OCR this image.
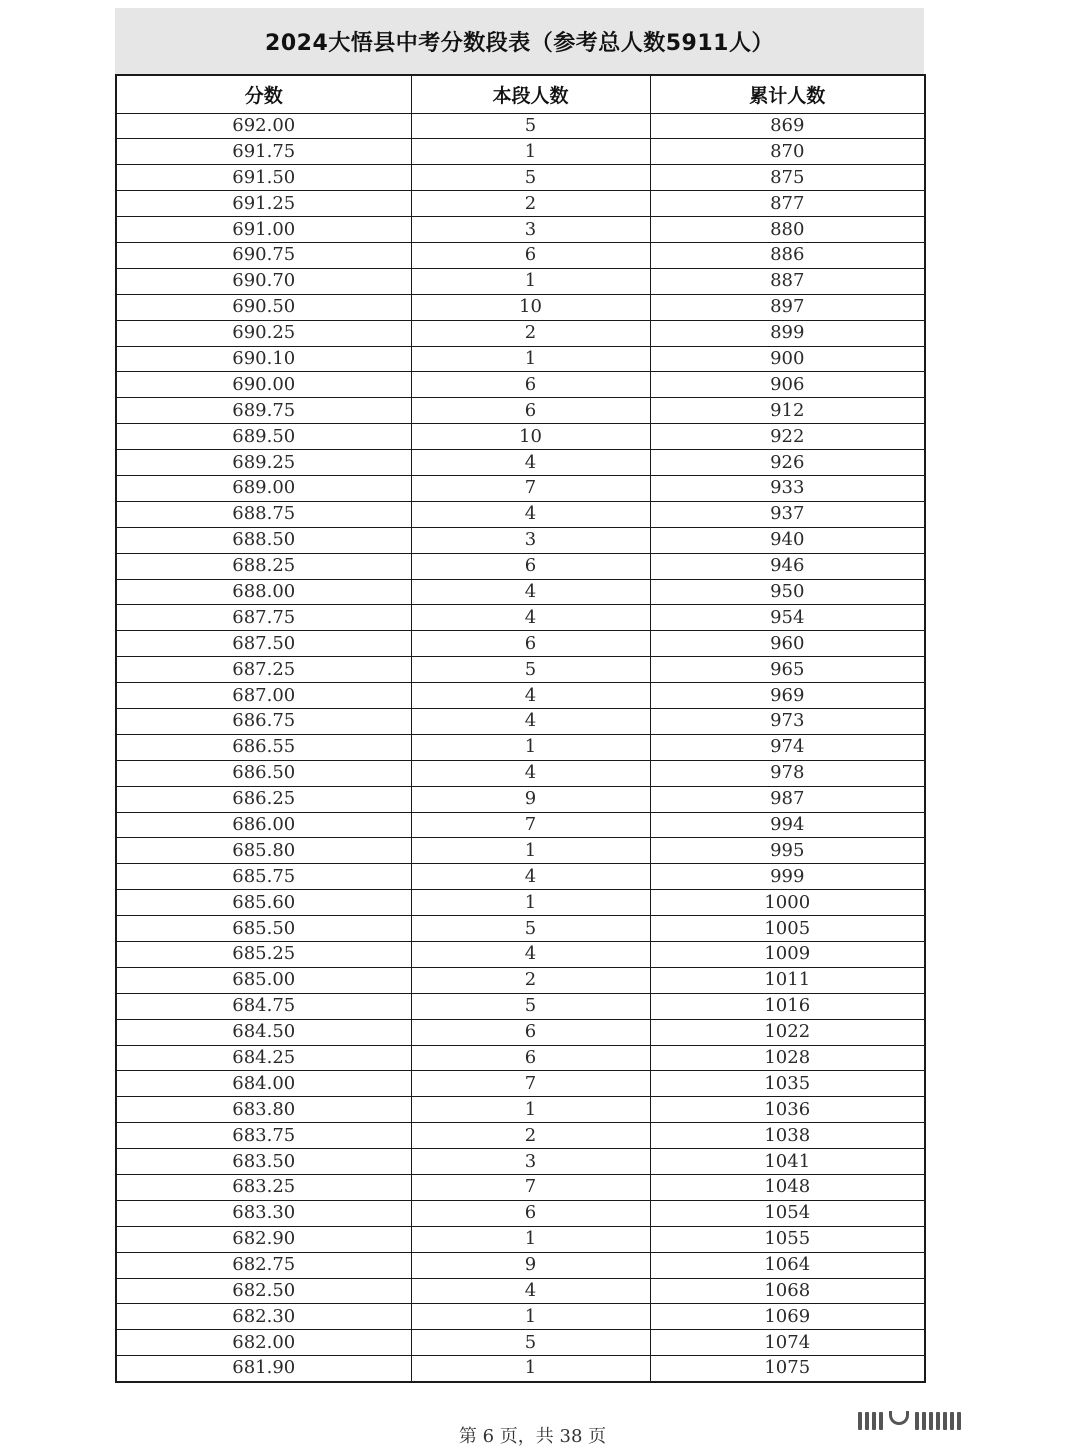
2024大悟县中考分数段表（参考总人数5911人）
分数	本段人数	累计人数
692.00	5	869
691.75	1	870
691.50	5	875
691.25	2	877
691.00	3	880
690.75	6	886
690.70	1	887
690.50	10	897
690.25	2	899
690.10	1	900
690.00	6	906
689.75	6	912
689.50	10	922
689.25	4	926
689.00	7	933
688.75	4	937
688.50	3	940
688.25	6	946
688.00	4	950
687.75	4	954
687.50	6	960
687.25	5	965
687.00	4	969
686.75	4	973
686.55	1	974
686.50	4	978
686.25	9	987
686.00	7	994
685.80	1	995
685.75	4	999
685.60	1	1000
685.50	5	1005
685.25	4	1009
685.00	2	1011
684.75	5	1016
684.50	6	1022
684.25	6	1028
684.00	7	1035
683.80	1	1036
683.75	2	1038
683.50	3	1041
683.25	7	1048
683.30	6	1054
682.90	1	1055
682.75	9	1064
682.50	4	1068
682.30	1	1069
682.00	5	1074
681.90	1	1075
第 6 页，共 38 页
